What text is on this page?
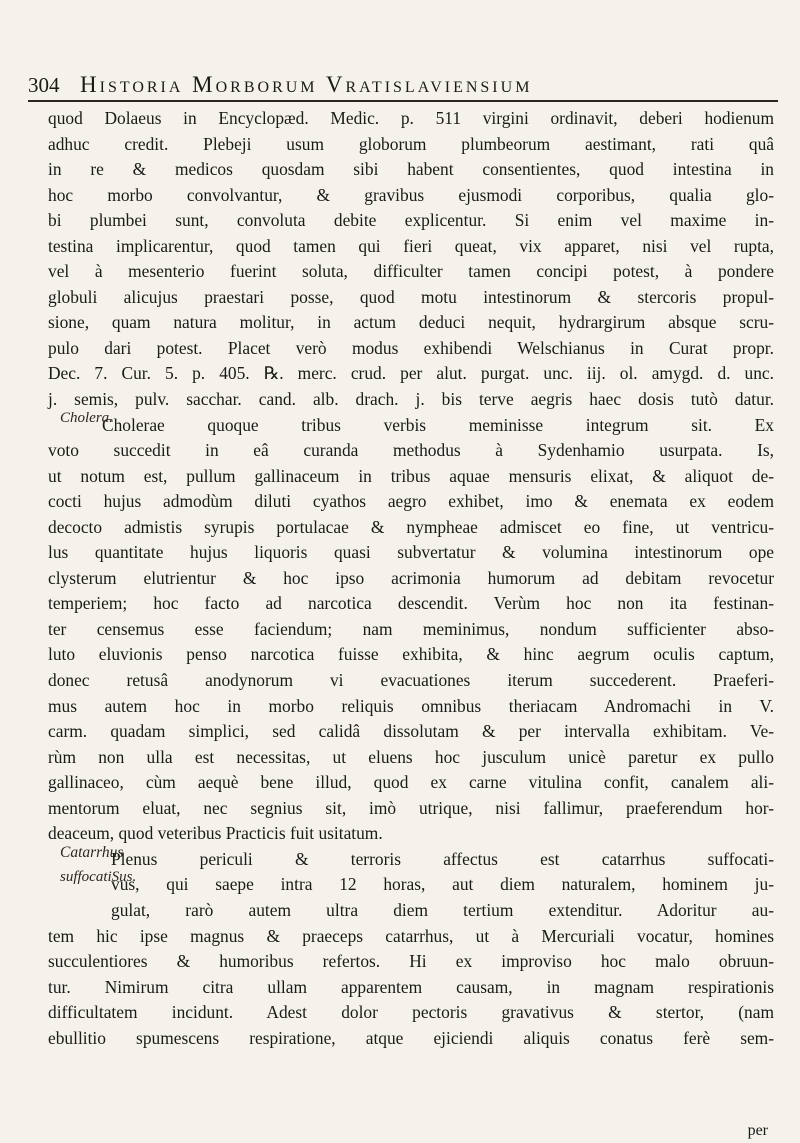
304 Historia Morborum Vratislaviensium
quod Dolaeus in Encyclopæd. Medic. p. 511 virgini ordinavit, deberi hodienum
adhuc credit. Plebeji usum globorum plumbeorum aestimant, rati quâ
in re & medicos quosdam sibi habent consentientes, quod intestina in
hoc morbo convolvantur, & gravibus ejusmodi corporibus, qualia glo-
bi plumbei sunt, convoluta debite explicentur. Si enim vel maxime in-
testina implicarentur, quod tamen qui fieri queat, vix apparet, nisi vel rupta,
vel à mesenterio fuerint soluta, difficulter tamen concipi potest, à pondere
globuli alicujus praestari posse, quod motu intestinorum & stercoris propul-
sione, quam natura molitur, in actum deduci nequit, hydrargirum absque scru-
pulo dari potest. Placet verò modus exhibendi Welschianus in Curat propr.
Dec. 7. Cur. 5. p. 405. ℞. merc. crud. per alut. purgat. unc. iij. ol. amygd. d. unc.
j. semis, pulv. sacchar. cand. alb. drach. j. bis terve aegris haec dosis tutò datur.
Cholerae quoque tribus verbis meminisse integrum sit. Ex
voto succedit in eâ curanda methodus à Sydenhamio usurpata. Is,
ut notum est, pullum gallinaceum in tribus aquae mensuris elixat, & aliquot de-
cocti hujus admodùm diluti cyathos aegro exhibet, imo & enemata ex eodem
decocto admistis syrupis portulacae & nympheae admiscet eo fine, ut ventricu-
lus quantitate hujus liquoris quasi subvertatur & volumina intestinorum ope
clysterum elutrientur & hoc ipso acrimonia humorum ad debitam revocetur
temperiem; hoc facto ad narcotica descendit. Verùm hoc non ita festinan-
ter censemus esse faciendum; nam meminimus, nondum sufficienter abso-
luto eluvionis penso narcotica fuisse exhibita, & hinc aegrum oculis captum,
donec retusâ anodynorum vi evacuationes iterum succederent. Praeferi-
mus autem hoc in morbo reliquis omnibus theriacam Andromachi in V.
carm. quadam simplici, sed calidâ dissolutam & per intervalla exhibitam. Ve-
rùm non ulla est necessitas, ut eluens hoc jusculum unicè paretur ex pullo
gallinaceo, cùm aequè bene illud, quod ex carne vitulina confit, canalem ali-
mentorum eluat, nec segnius sit, imò utrique, nisi fallimur, praeferendum hor-
deaceum, quod veteribus Practicis fuit usitatum.
Plenus periculi & terroris affectus est catarrhus suffocati-
vus, qui saepe intra 12 horas, aut diem naturalem, hominem ju-
gulat, rarò autem ultra diem tertium extenditur. Adoritur au-
tem hic ipse magnus & praeceps catarrhus, ut à Mercuriali vocatur, homines
succulentiores & humoribus refertos. Hi ex improviso hoc malo obruun-
tur. Nimirum citra ullam apparentem causam, in magnam respirationis
difficultatem incidunt. Adest dolor pectoris gravativus & stertor, (nam
ebullitio spumescens respiratione, atque ejiciendi aliquis conatus ferè sem-
Cholera.
Catarrhus
suffocatiSus.
per
